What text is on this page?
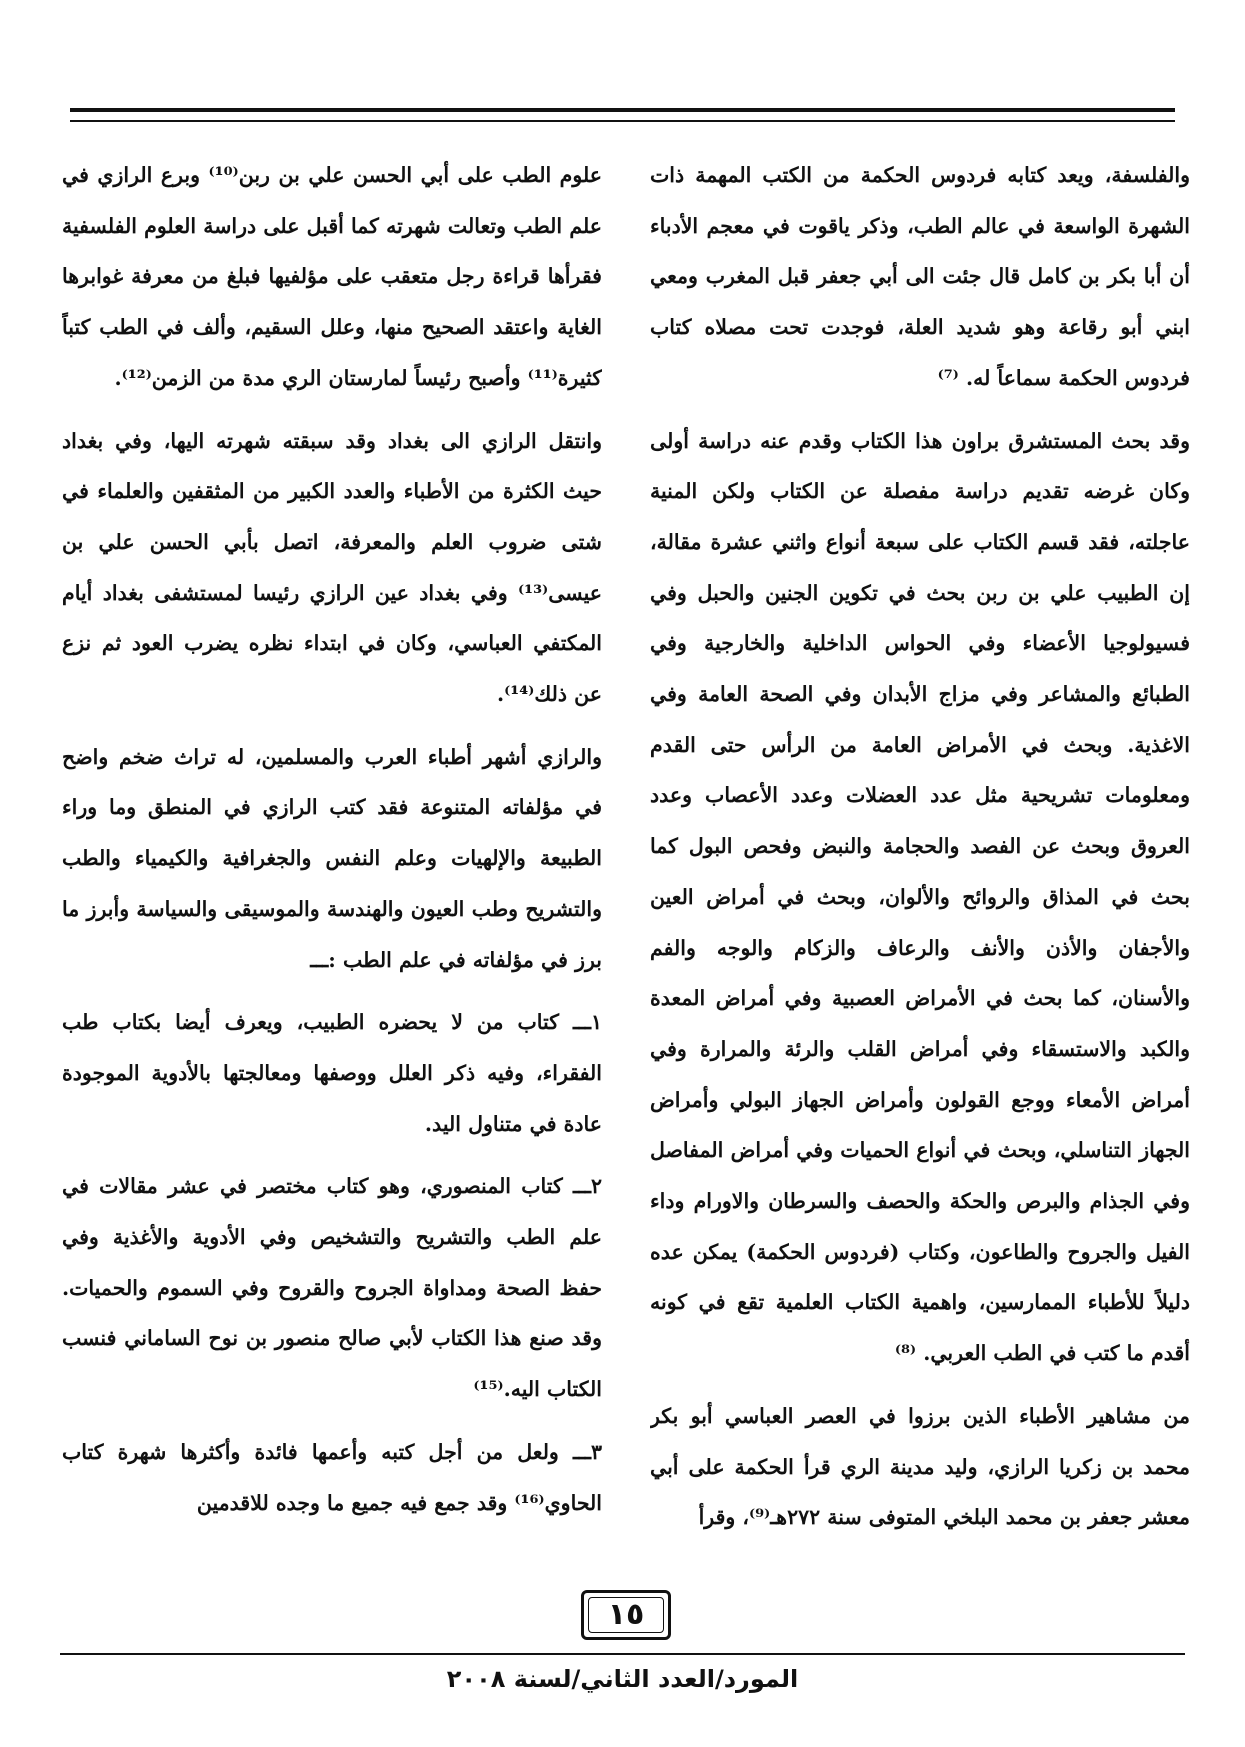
والفلسفة، ويعد كتابه فردوس الحكمة من الكتب المهمة ذات الشهرة الواسعة في عالم الطب، وذكر ياقوت في معجم الأدباء أن أبا بكر بن كامل قال جئت الى أبي جعفر قبل المغرب ومعي ابني أبو رقاعة وهو شديد العلة، فوجدت تحت مصلاه كتاب فردوس الحكمة سماعاً له. ⁽⁷⁾

وقد بحث المستشرق براون هذا الكتاب وقدم عنه دراسة أولى وكان غرضه تقديم دراسة مفصلة عن الكتاب ولكن المنية عاجلته، فقد قسم الكتاب على سبعة أنواع واثني عشرة مقالة، إن الطبيب علي بن ربن بحث في تكوين الجنين والحبل وفي فسيولوجيا الأعضاء وفي الحواس الداخلية والخارجية وفي الطبائع والمشاعر وفي مزاج الأبدان وفي الصحة العامة وفي الاغذية. وبحث في الأمراض العامة من الرأس حتى القدم ومعلومات تشريحية مثل عدد العضلات وعدد الأعصاب وعدد العروق وبحث عن الفصد والحجامة والنبض وفحص البول كما بحث في المذاق والروائح والألوان، وبحث في أمراض العين والأجفان والأذن والأنف والرعاف والزكام والوجه والفم والأسنان، كما بحث في الأمراض العصبية وفي أمراض المعدة والكبد والاستسقاء وفي أمراض القلب والرئة والمرارة وفي أمراض الأمعاء ووجع القولون وأمراض الجهاز البولي وأمراض الجهاز التناسلي، وبحث في أنواع الحميات وفي أمراض المفاصل وفي الجذام والبرص والحكة والحصف والسرطان والاورام وداء الفيل والجروح والطاعون، وكتاب (فردوس الحكمة) يمكن عده دليلاً للأطباء الممارسين، واهمية الكتاب العلمية تقع في كونه أقدم ما كتب في الطب العربي. ⁽⁸⁾

من مشاهير الأطباء الذين برزوا في العصر العباسي أبو بكر محمد بن زكريا الرازي، وليد مدينة الري قرأ الحكمة على أبي معشر جعفر بن محمد البلخي المتوفى سنة ٢٧٢هـ⁽⁹⁾، وقرأ

علوم الطب على أبي الحسن علي بن ربن⁽¹⁰⁾ وبرع الرازي في علم الطب وتعالت شهرته كما أقبل على دراسة العلوم الفلسفية فقرأها قراءة رجل متعقب على مؤلفيها فبلغ من معرفة غوابرها الغاية واعتقد الصحيح منها، وعلل السقيم، وألف في الطب كتباً كثيرة⁽¹¹⁾ وأصبح رئيساً لمارستان الري مدة من الزمن⁽¹²⁾.

وانتقل الرازي الى بغداد وقد سبقته شهرته اليها، وفي بغداد حيث الكثرة من الأطباء والعدد الكبير من المثقفين والعلماء في شتى ضروب العلم والمعرفة، اتصل بأبي الحسن علي بن عيسى⁽¹³⁾ وفي بغداد عين الرازي رئيسا لمستشفى بغداد أيام المكتفي العباسي، وكان في ابتداء نظره يضرب العود ثم نزع عن ذلك⁽¹⁴⁾.

والرازي أشهر أطباء العرب والمسلمين، له تراث ضخم واضح في مؤلفاته المتنوعة فقد كتب الرازي في المنطق وما وراء الطبيعة والإلهيات وعلم النفس والجغرافية والكيمياء والطب والتشريح وطب العيون والهندسة والموسيقى والسياسة وأبرز ما برز في مؤلفاته في علم الطب :ـــ

١ـــ كتاب من لا يحضره الطبيب، ويعرف أيضا بكتاب طب الفقراء، وفيه ذكر العلل ووصفها ومعالجتها بالأدوية الموجودة عادة في متناول اليد.

٢ـــ كتاب المنصوري، وهو كتاب مختصر في عشر مقالات في علم الطب والتشريح والتشخيص وفي الأدوية والأغذية وفي حفظ الصحة ومداواة الجروح والقروح وفي السموم والحميات. وقد صنع هذا الكتاب لأبي صالح منصور بن نوح الساماني فنسب الكتاب اليه.⁽¹⁵⁾

٣ـــ ولعل من أجل كتبه وأعمها فائدة وأكثرها شهرة كتاب الحاوي⁽¹⁶⁾ وقد جمع فيه جميع ما وجده للاقدمين

١٥
المورد/العدد الثاني/لسنة ٢٠٠٨
